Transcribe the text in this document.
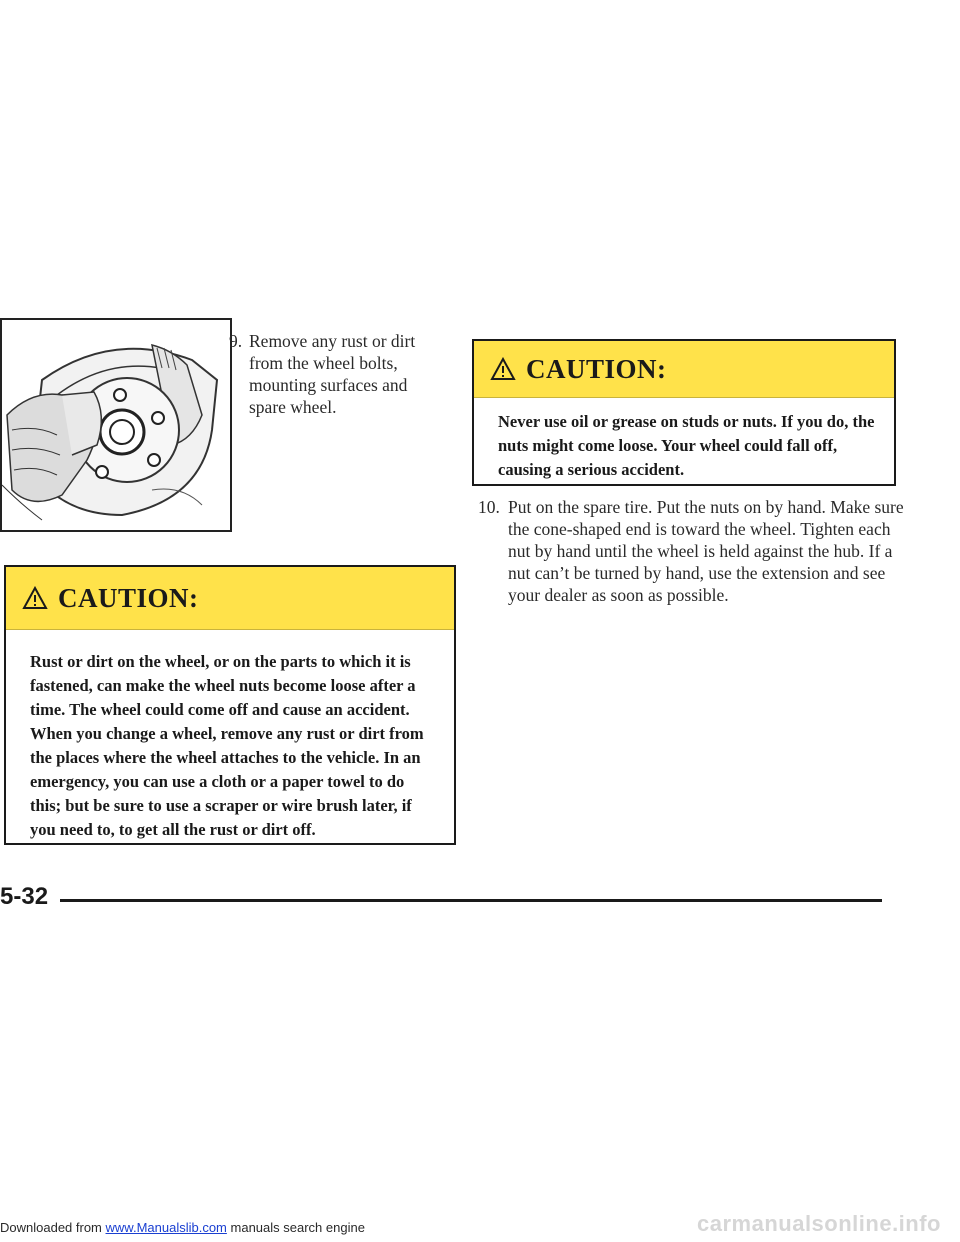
9. Remove any rust or dirt from the wheel bolts, mounting surfaces and spare wheel.
CAUTION:
Never use oil or grease on studs or nuts. If you do, the nuts might come loose. Your wheel could fall off, causing a serious accident.
10. Put on the spare tire. Put the nuts on by hand. Make sure the cone-shaped end is toward the wheel. Tighten each nut by hand until the wheel is held against the hub. If a nut can’t be turned by hand, use the extension and see your dealer as soon as possible.
CAUTION:
Rust or dirt on the wheel, or on the parts to which it is fastened, can make the wheel nuts become loose after a time. The wheel could come off and cause an accident. When you change a wheel, remove any rust or dirt from the places where the wheel attaches to the vehicle. In an emergency, you can use a cloth or a paper towel to do this; but be sure to use a scraper or wire brush later, if you need to, to get all the rust or dirt off.
5-32
Downloaded from www.Manualslib.com manuals search engine	carmanualsonline.info
